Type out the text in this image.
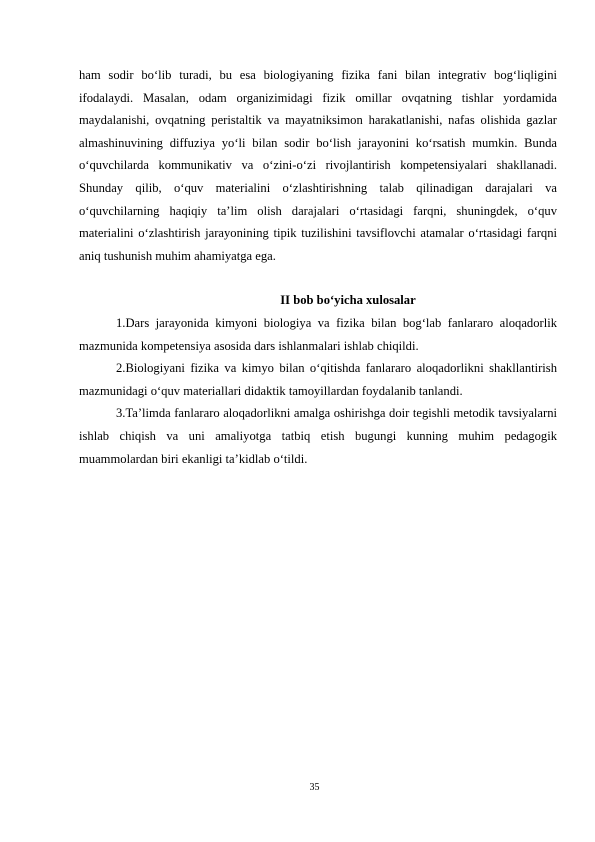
ham sodir bo‘lib turadi, bu esa biologiyaning fizika fani bilan integrativ bog‘liqligini ifodalaydi. Masalan, odam organizimidagi fizik omillar ovqatning tishlar yordamida maydalanishi, ovqatning peristaltik va mayatniksimon harakatlanishi, nafas olishida gazlar almashinuvining diffuziya yo‘li bilan sodir bo‘lish jarayonini ko‘rsatish mumkin. Bunda o‘quvchilarda kommunikativ va o‘zini-o‘zi rivojlantirish kompetensiyalari shakllanadi. Shunday qilib, o‘quv materialini o‘zlashtirishning talab qilinadigan darajalari va o‘quvchilarning haqiqiy ta’lim olish darajalari o‘rtasidagi farqni, shuningdek, o‘quv materialini o‘zlashtirish jarayonining tipik tuzilishini tavsiflovchi atamalar o‘rtasidagi farqni aniq tushunish muhim ahamiyatga ega.

II bob bo‘yicha xulosalar

1.Dars jarayonida kimyoni biologiya va fizika bilan bog‘lab fanlararo aloqadorlik mazmunida kompetensiya asosida dars ishlanmalari ishlab chiqildi.

2.Biologiyani fizika va kimyo bilan o‘qitishda fanlararo aloqadorlikni shakllantirish mazmunidagi o‘quv materiallari didaktik tamoyillardan foydalanib tanlandi.

3.Ta’limda fanlararo aloqadorlikni amalga oshirishga doir tegishli metodik tavsiyalarni ishlab chiqish va uni amaliyotga tatbiq etish bugungi kunning muhim pedagogik muammolardan biri ekanligi ta’kidlab o‘tildi.

35
